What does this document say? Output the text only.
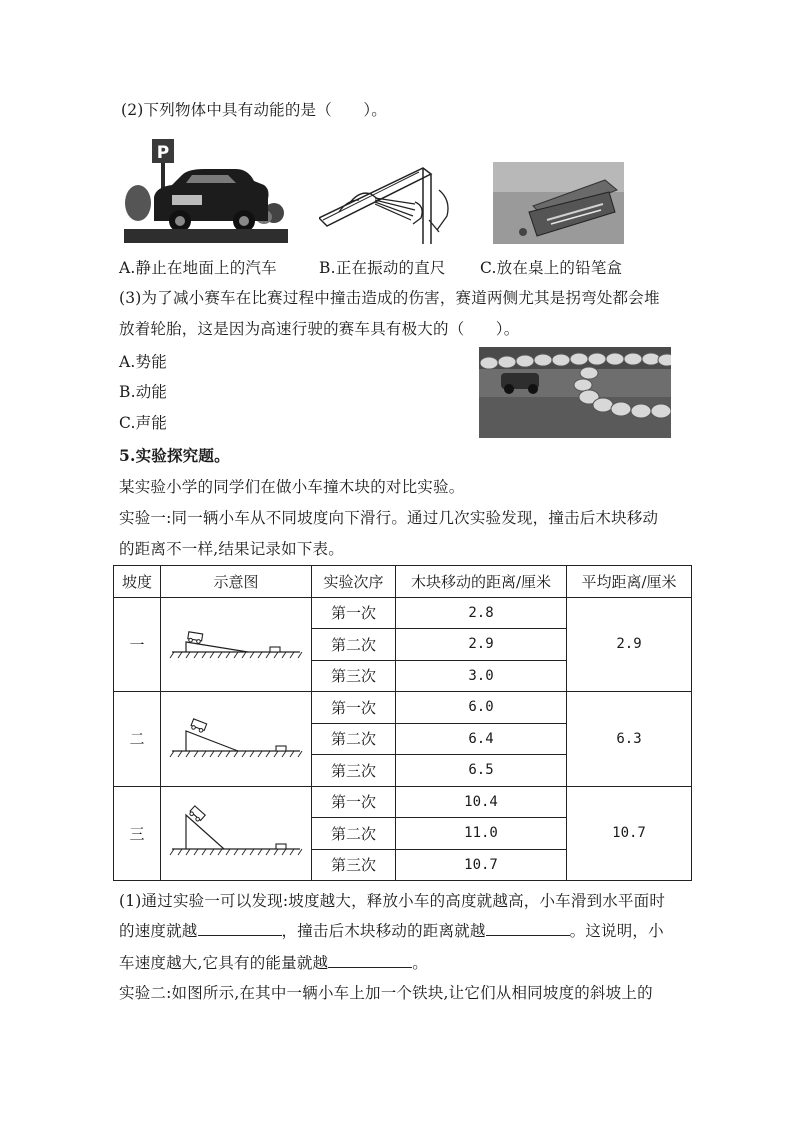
(2)下列物体中具有动能的是（　　）。
P
A.静止在地面上的汽车	B.正在振动的直尺 C.放在桌上的铅笔盒
(3)为了减小赛车在比赛过程中撞击造成的伤害，赛道两侧尤其是拐弯处都会堆
放着轮胎，这是因为高速行驶的赛车具有极大的（　　）。
A.势能
B.动能
C.声能
5.实验探究题。
某实验小学的同学们在做小车撞木块的对比实验。
实验一:同一辆小车从不同坡度向下滑行。通过几次实验发现，撞击后木块移动
的距离不一样,结果记录如下表。
坡度	示意图	实验次序	木块移动的距离/厘米	平均距离/厘米
一		第一次	2.8	2.9
		第二次	2.9	
		第三次	3.0	
二		第一次	6.0	6.3
		第二次	6.4	
		第三次	6.5	
三		第一次	10.4	10.7
		第二次	11.0	
		第三次	10.7	
(1)通过实验一可以发现:坡度越大，释放小车的高度就越高，小车滑到水平面时
的速度就越	，撞击后木块移动的距离就越	。这说明，小
车速度越大,它具有的能量就越	。
实验二:如图所示,在其中一辆小车上加一个铁块,让它们从相同坡度的斜坡上的
